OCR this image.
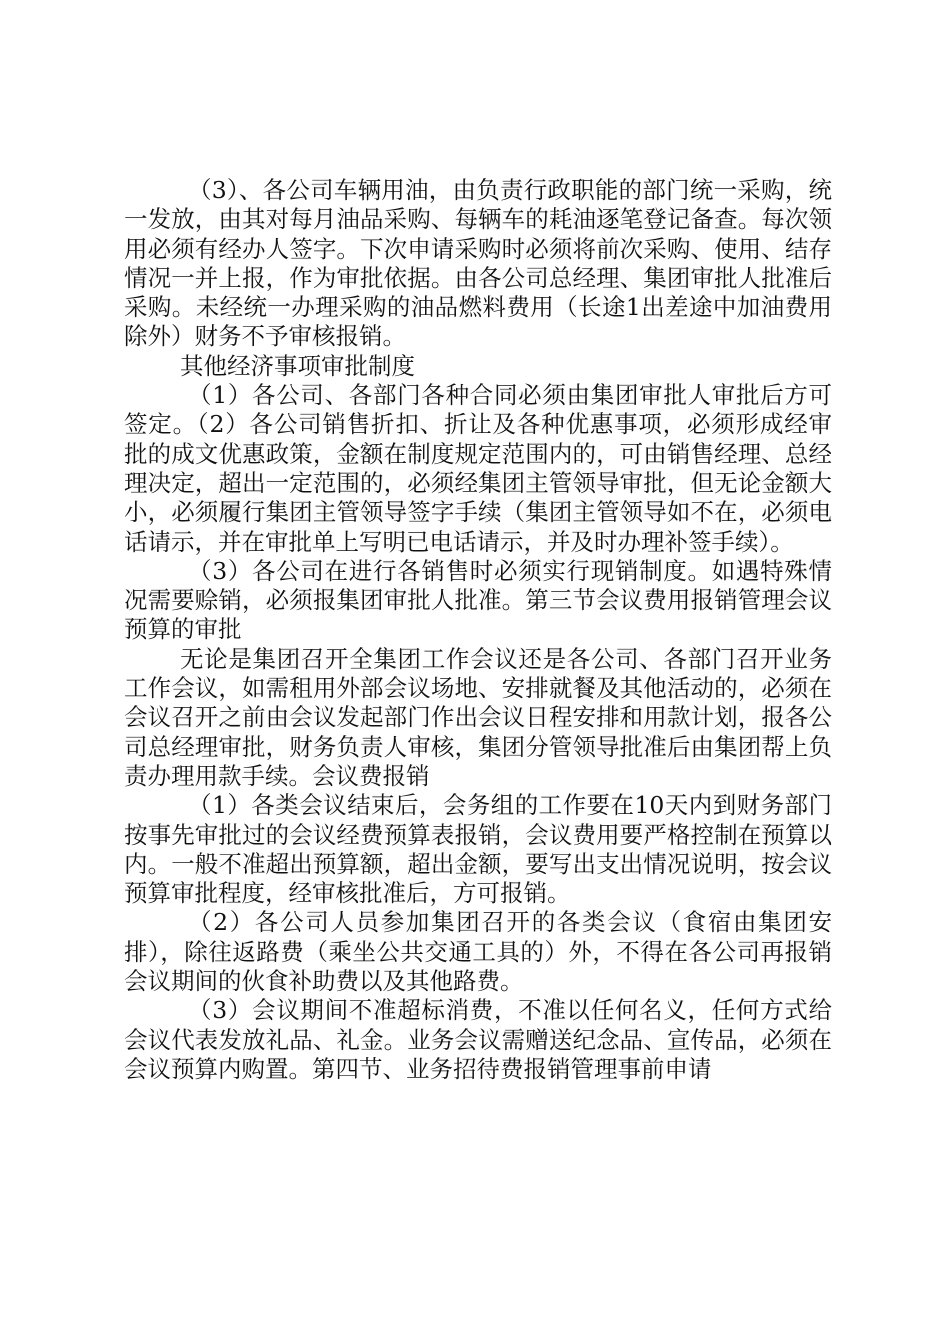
（3）、各公司车辆用油，由负责行政职能的部门统一采购，统一发放，由其对每月油品采购、每辆车的耗油逐笔登记备查。每次领用必须有经办人签字。下次申请采购时必须将前次采购、使用、结存情况一并上报，作为审批依据。由各公司总经理、集团审批人批准后采购。未经统一办理采购的油品燃料费用（长途1出差途中加油费用除外）财务不予审核报销。

其他经济事项审批制度

（1）各公司、各部门各种合同必须由集团审批人审批后方可签定。（2）各公司销售折扣、折让及各种优惠事项，必须形成经审批的成文优惠政策，金额在制度规定范围内的，可由销售经理、总经理决定，超出一定范围的，必须经集团主管领导审批，但无论金额大小，必须履行集团主管领导签字手续（集团主管领导如不在，必须电话请示，并在审批单上写明已电话请示，并及时办理补签手续）。

（3）各公司在进行各销售时必须实行现销制度。如遇特殊情况需要赊销，必须报集团审批人批准。第三节会议费用报销管理会议预算的审批

无论是集团召开全集团工作会议还是各公司、各部门召开业务工作会议，如需租用外部会议场地、安排就餐及其他活动的，必须在会议召开之前由会议发起部门作出会议日程安排和用款计划，报各公司总经理审批，财务负责人审核，集团分管领导批准后由集团帮上负责办理用款手续。会议费报销

（1）各类会议结束后，会务组的工作要在10天内到财务部门按事先审批过的会议经费预算表报销，会议费用要严格控制在预算以内。一般不准超出预算额，超出金额，要写出支出情况说明，按会议预算审批程度，经审核批准后，方可报销。

（2）各公司人员参加集团召开的各类会议（食宿由集团安排），除往返路费（乘坐公共交通工具的）外，不得在各公司再报销会议期间的伙食补助费以及其他路费。

（3）会议期间不准超标消费，不准以任何名义，任何方式给会议代表发放礼品、礼金。业务会议需赠送纪念品、宣传品，必须在会议预算内购置。第四节、业务招待费报销管理事前申请
